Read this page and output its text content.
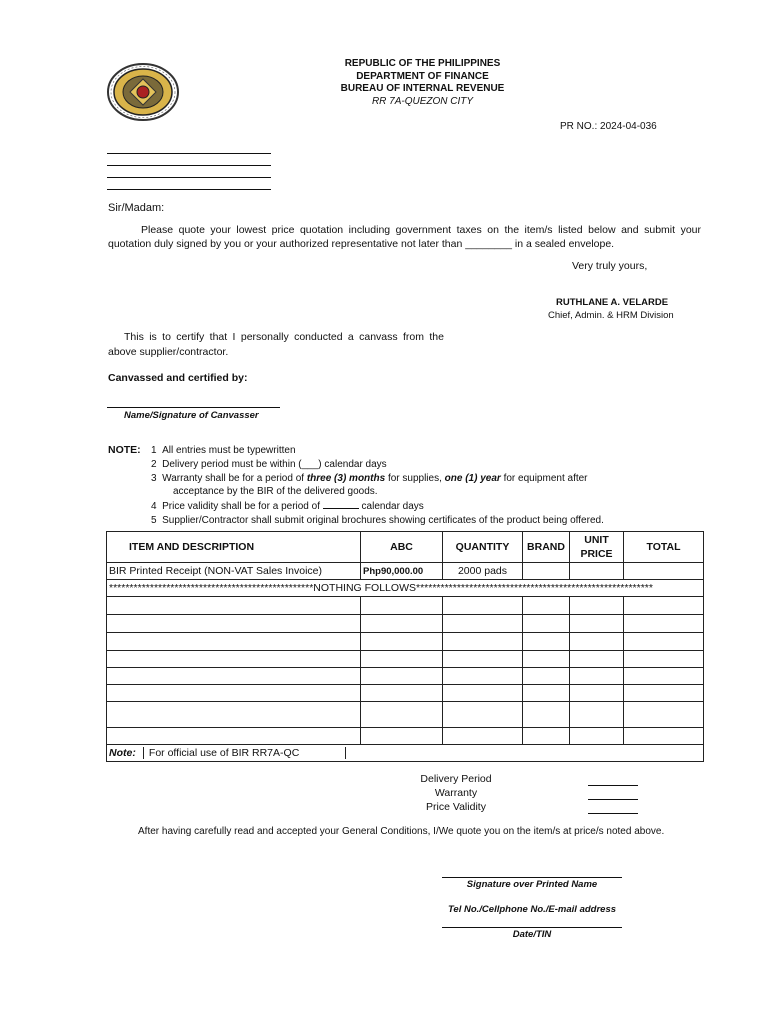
REPUBLIC OF THE PHILIPPINES
DEPARTMENT OF FINANCE
BUREAU OF INTERNAL REVENUE
RR 7A-QUEZON CITY
PR NO.: 2024-04-036
Sir/Madam:
Please quote your lowest price quotation including government taxes on the item/s listed below and submit your quotation duly signed by you or your authorized representative not later than ________ in a sealed envelope.
Very truly yours,
RUTHLANE A. VELARDE
Chief, Admin. & HRM Division
This is to certify that I personally conducted a canvass from the above supplier/contractor.
Canvassed and certified by:
Name/Signature of Canvasser
NOTE: 1 All entries must be typewritten
2 Delivery period must be within (___) calendar days
3 Warranty shall be for a period of three (3) months for supplies, one (1) year for equipment after
acceptance by the BIR of the delivered goods.
4 Price validity shall be for a period of	calendar days
5 Supplier/Contractor shall submit original brochures showing certificates of the product being offered.
ITEM AND DESCRIPTION	ABC	QUANTITY	BRAND	UNIT PRICE	TOTAL
BIR Printed Receipt (NON-VAT Sales Invoice)	Php90,000.00	2000 pads			
**************************************************NOTHING FOLLOWS**********************************************************					

Note: For official use of BIR RR7A-QC					
Delivery Period
Warranty
Price Validity
After having carefully read and accepted your General Conditions, I/We quote you on the item/s at price/s noted above.
Signature over Printed Name
Tel No./Cellphone No./E-mail address
Date/TIN
